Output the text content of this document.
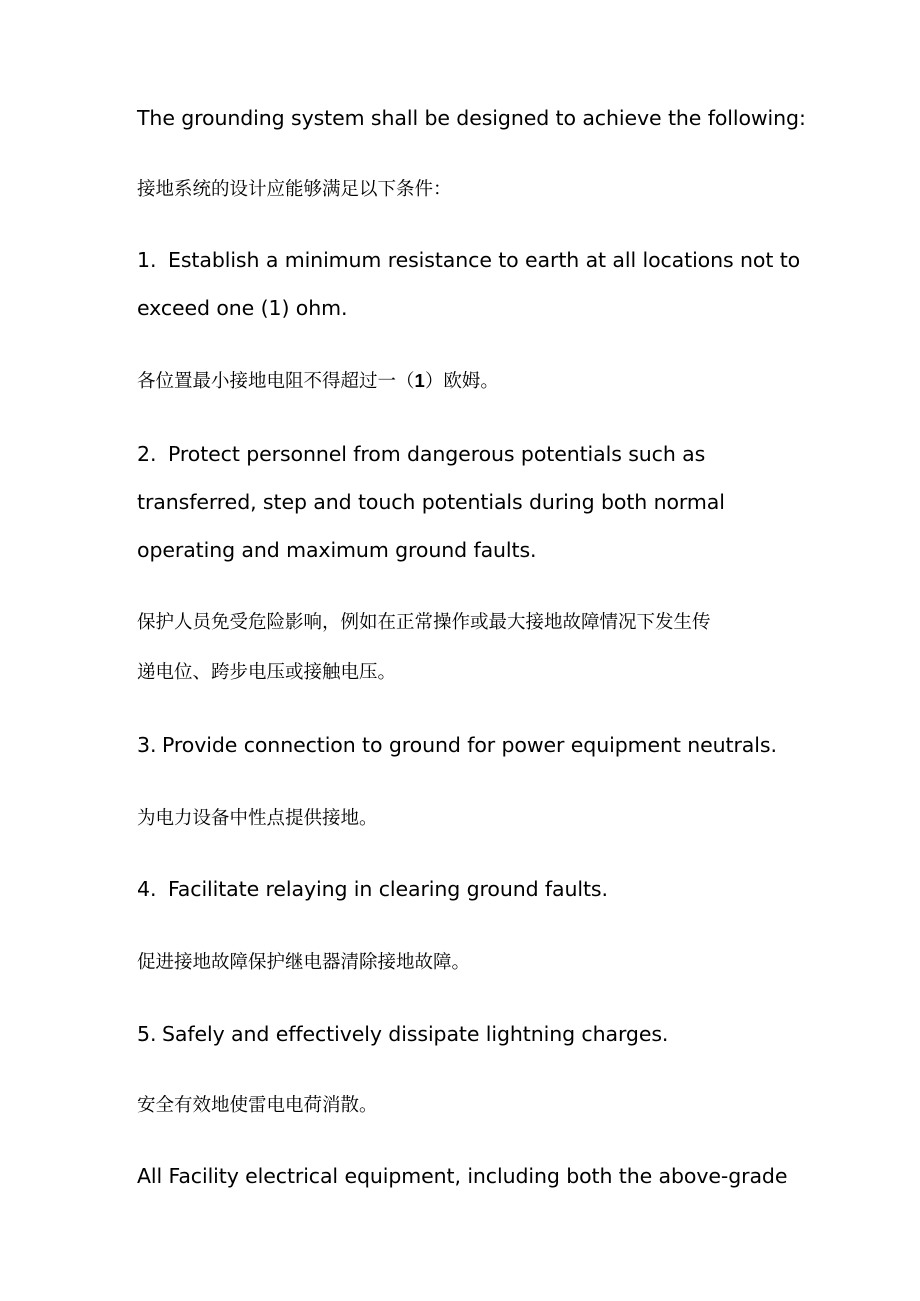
The grounding system shall be designed to achieve the following:
接地系统的设计应能够满足以下条件：
1. Establish a minimum resistance to earth at all locations not to
exceed one (1) ohm.
各位置最小接地电阻不得超过一（1）欧姆。
2. Protect personnel from dangerous potentials such as
transferred, step and touch potentials during both normal
operating and maximum ground faults.
保护人员免受危险影响，例如在正常操作或最大接地故障情况下发生传
递电位、跨步电压或接触电压。
3. Provide connection to ground for power equipment neutrals.
为电力设备中性点提供接地。
4. Facilitate relaying in clearing ground faults.
促进接地故障保护继电器清除接地故障。
5. Safely and effectively dissipate lightning charges.
安全有效地使雷电电荷消散。
All Facility electrical equipment, including both the above-grade
